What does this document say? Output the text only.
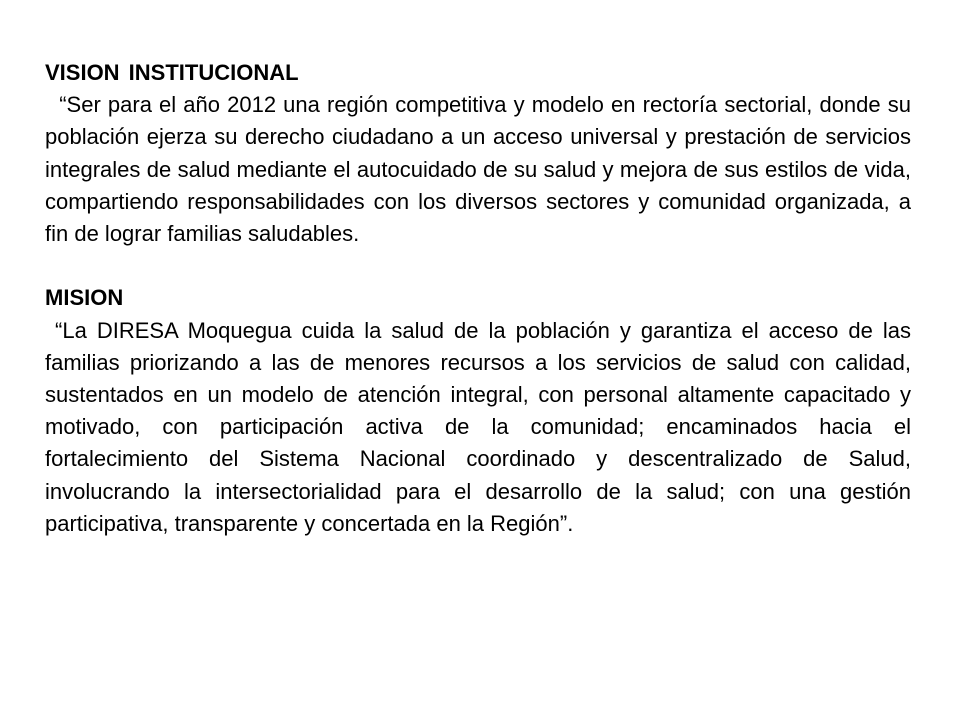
VISION INSTITUCIONAL
“Ser para el año 2012 una región competitiva y modelo en rectoría sectorial, donde su población ejerza su derecho ciudadano a un acceso universal y prestación de servicios integrales de salud mediante el autocuidado de su salud y mejora de sus estilos de vida, compartiendo responsabilidades con los diversos sectores y comunidad organizada, a fin de lograr familias saludables.
MISION
“La DIRESA Moquegua cuida la salud de la población y garantiza el acceso de las familias priorizando a las de menores recursos a los servicios de salud con calidad, sustentados en un modelo de atención integral, con personal altamente capacitado y motivado, con participación activa de la comunidad; encaminados hacia el fortalecimiento del Sistema Nacional coordinado y descentralizado de Salud, involucrando la intersectorialidad para el desarrollo de la salud; con una gestión participativa, transparente y concertada en la Región”.
